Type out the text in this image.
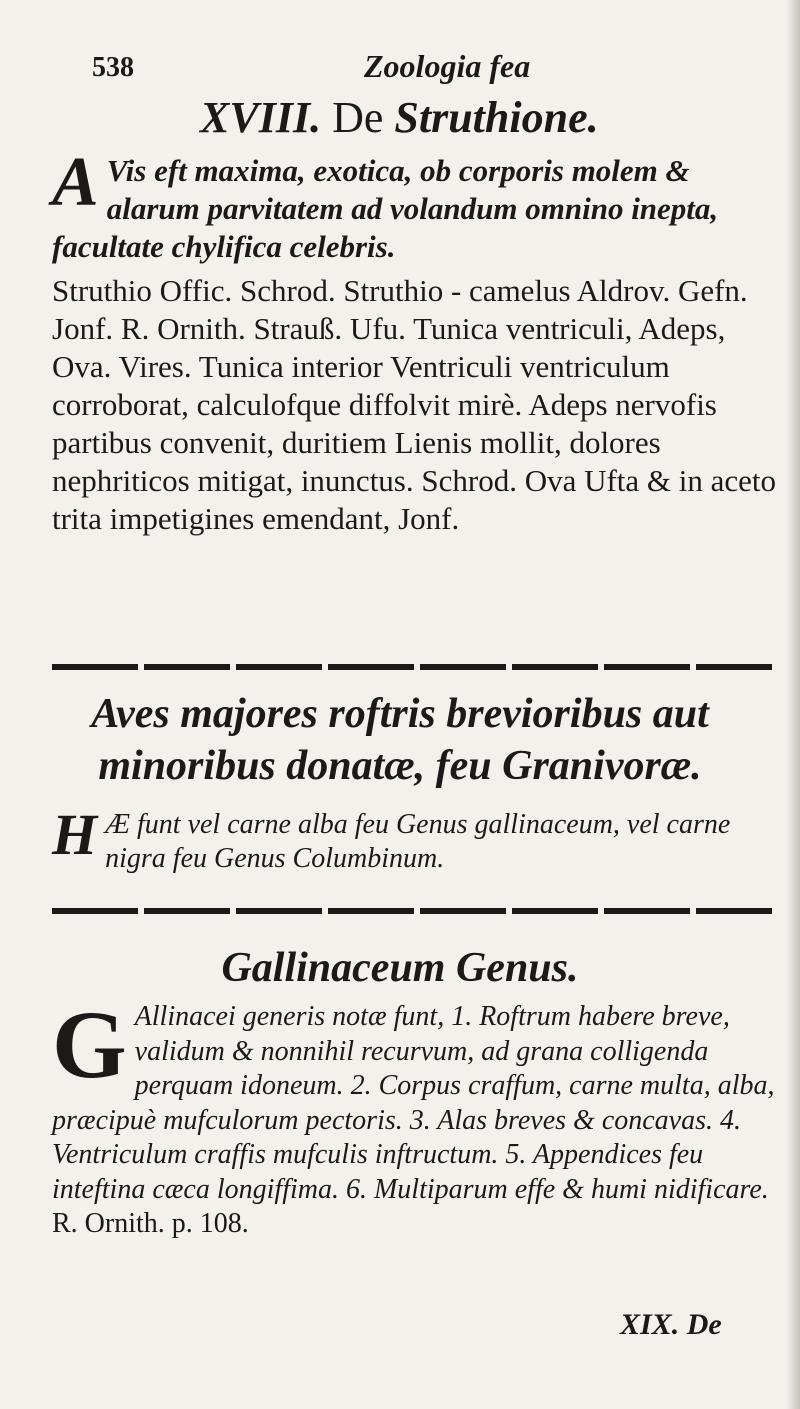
538	Zoologia fea
XVIII. De Struthione.
A Vis eft maxima, exotica, ob corporis molem & alarum parvitatem ad volandum omnino inepta, facultate chylifica celebris.
Struthio Offic. Schrod. Struthio - camelus Aldrov. Gefn. Jonf. R. Ornith. Strauß. Ufu. Tunica ventriculi, Adeps, Ova. Vires. Tunica interior Ventriculi ventriculum corroborat, calculofque diffolvit mirè. Adeps nervofis partibus convenit, duritiem Lienis mollit, dolores nephriticos mitigat, inunctus. Schrod. Ova Ufta & in aceto trita impetigines emendant, Jonf.
Aves majores roftris brevioribus aut
minoribus donatæ, feu Granivoræ.
H Æ funt vel carne alba feu Genus gallinaceum, vel carne nigra feu Genus Columbinum.
Gallinaceum Genus.
G Allinacei generis notæ funt, 1. Roftrum habere breve, validum & nonnihil recurvum, ad grana colligenda perquam idoneum. 2. Corpus craffum, carne multa, alba, præcipuè mufculorum pectoris. 3. Alas breves & concavas. 4. Ventriculum craffis mufculis inftructum. 5. Appendices feu inteftina cæca longiffima. 6. Multiparum effe & humi nidificare.
R. Ornith. p. 108.
XIX. De
